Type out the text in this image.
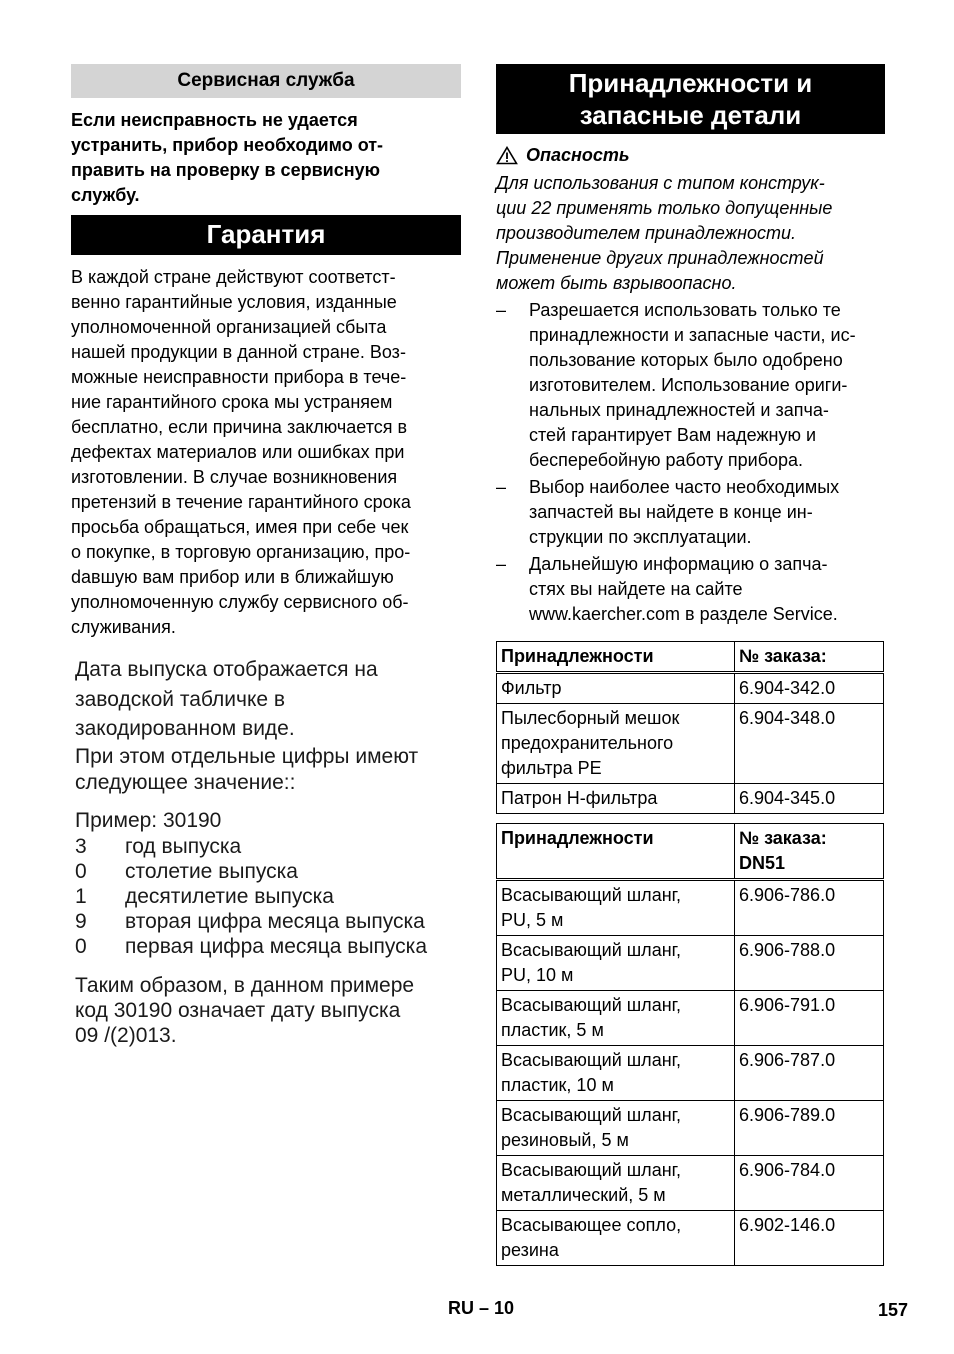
Сервисная служба
Если неисправность не удается
устранить, прибор необходимо от-
править на проверку в сервисную
службу.
Гарантия
В каждой стране действуют соответст-
венно гарантийные условия, изданные
уполномоченной организацией сбыта
нашей продукции в данной стране. Воз-
можные неисправности прибора в тече-
ние гарантийного срока мы устраняем
бесплатно, если причина заключается в
дефектах материалов или ошибках при
изготовлении. В случае возникновения
претензий в течение гарантийного срока
просьба обращаться, имея при себе чек
о покупке, в торговую организацию, про-
dавшую вам прибор или в ближайшую
уполномоченную службу сервисного об-
служивания.
Дата выпуска отображается на
заводской табличке в
закодированном виде.
При этом отдельные цифры имеют
следующее значение::
Пример: 30190
3	год выпуска
0	столетие выпуска
1	десятилетие выпуска
9	вторая цифра месяца выпуска
0	первая цифра месяца выпуска
Таким образом, в данном примере
код 30190 означает дату выпуска
09 /(2)013.
Принадлежности и
запасные детали
Опасность
Для использования с типом конструк-
ции 22 применять только допущенные
производителем принадлежности.
Применение других принадлежностей
может быть взрывоопасно.
–	Разрешается использовать только те
принадлежности и запасные части, ис-
пользование которых было одобрено
изготовителем. Использование ориги-
нальных принадлежностей и запча-
стей гарантирует Вам надежную и
бесперебойную работу прибора.
–	Выбор наиболее часто необходимых
запчастей вы найдете в конце ин-
струкции по эксплуатации.
–	Дальнейшую информацию о запча-
стях вы найдете на сайте
www.kaercher.com в разделе Service.
Принадлежности	№ заказа:
Фильтр	6.904-342.0
Пылесборный мешок
предохранительного
фильтра PE	6.904-348.0
Патрон H-фильтра	6.904-345.0
Принадлежности	№ заказа:
DN51
Всасывающий шланг,
PU, 5 м	6.906-786.0
Всасывающий шланг,
PU, 10 м	6.906-788.0
Всасывающий шланг,
пластик, 5 м	6.906-791.0
Всасывающий шланг,
пластик, 10 м	6.906-787.0
Всасывающий шланг,
резиновый, 5 м	6.906-789.0
Всасывающий шланг,
металлический, 5 м	6.906-784.0
Всасывающее сопло,
резина	6.902-146.0
RU – 10	157
